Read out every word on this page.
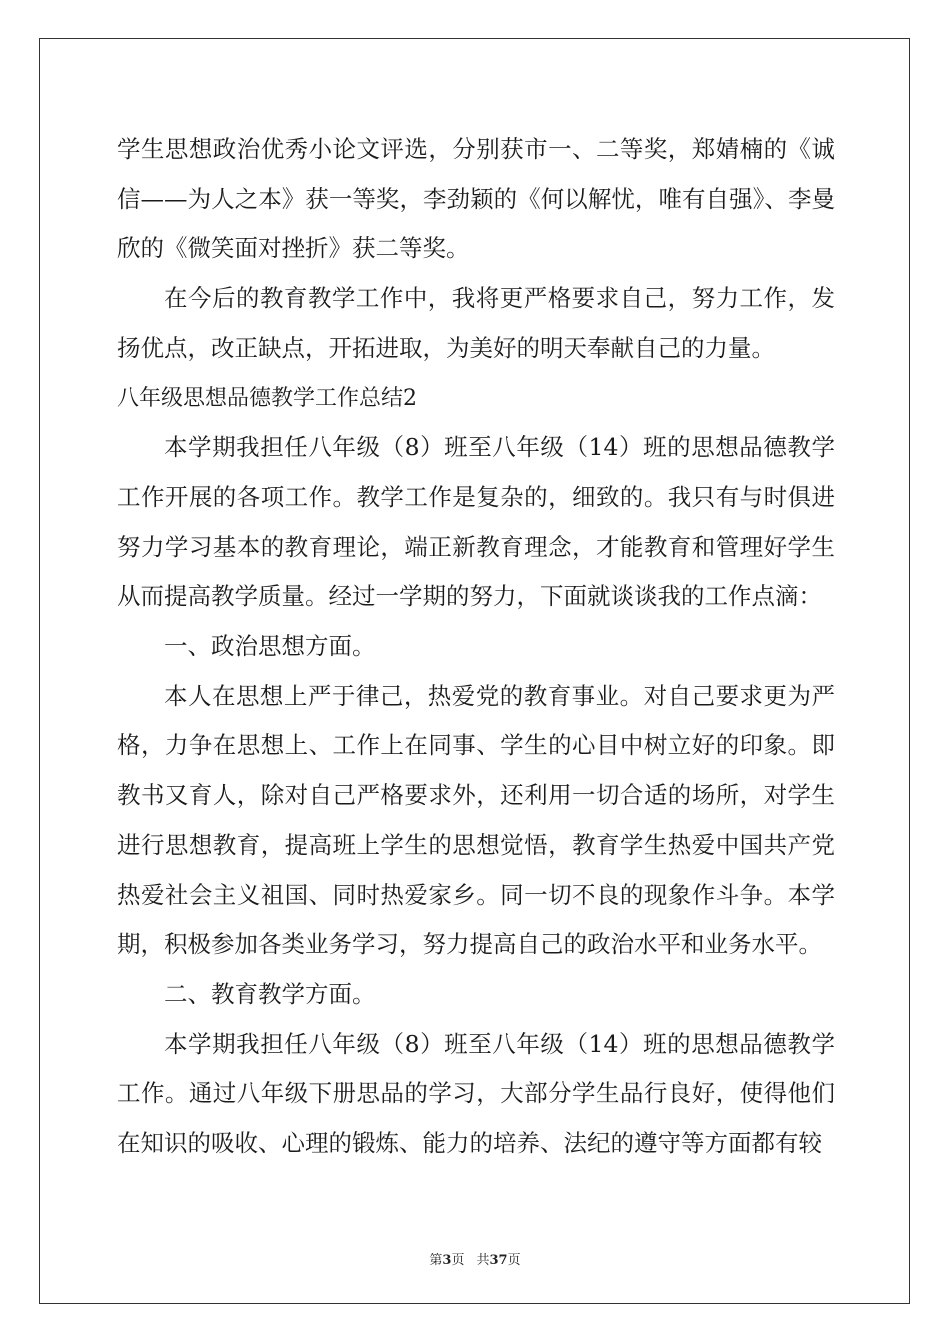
学生思想政治优秀小论文评选，分别获市一、二等奖，郑婧楠的《诚信——为人之本》获一等奖，李劲颖的《何以解忧，唯有自强》、李曼欣的《微笑面对挫折》获二等奖。

在今后的教育教学工作中，我将更严格要求自己，努力工作，发扬优点，改正缺点，开拓进取，为美好的明天奉献自己的力量。

八年级思想品德教学工作总结2

本学期我担任八年级（8）班至八年级（14）班的思想品德教学工作开展的各项工作。教学工作是复杂的，细致的。我只有与时俱进努力学习基本的教育理论，端正新教育理念，才能教育和管理好学生从而提高教学质量。经过一学期的努力，下面就谈谈我的工作点滴：

一、政治思想方面。

本人在思想上严于律己，热爱党的教育事业。对自己要求更为严格，力争在思想上、工作上在同事、学生的心目中树立好的印象。即教书又育人，除对自己严格要求外，还利用一切合适的场所，对学生进行思想教育，提高班上学生的思想觉悟，教育学生热爱中国共产党热爱社会主义祖国、同时热爱家乡。同一切不良的现象作斗争。本学期，积极参加各类业务学习，努力提高自己的政治水平和业务水平。

二、教育教学方面。

本学期我担任八年级（8）班至八年级（14）班的思想品德教学工作。通过八年级下册思品的学习，大部分学生品行良好，使得他们在知识的吸收、心理的锻炼、能力的培养、法纪的遵守等方面都有较

第3页 共37页
